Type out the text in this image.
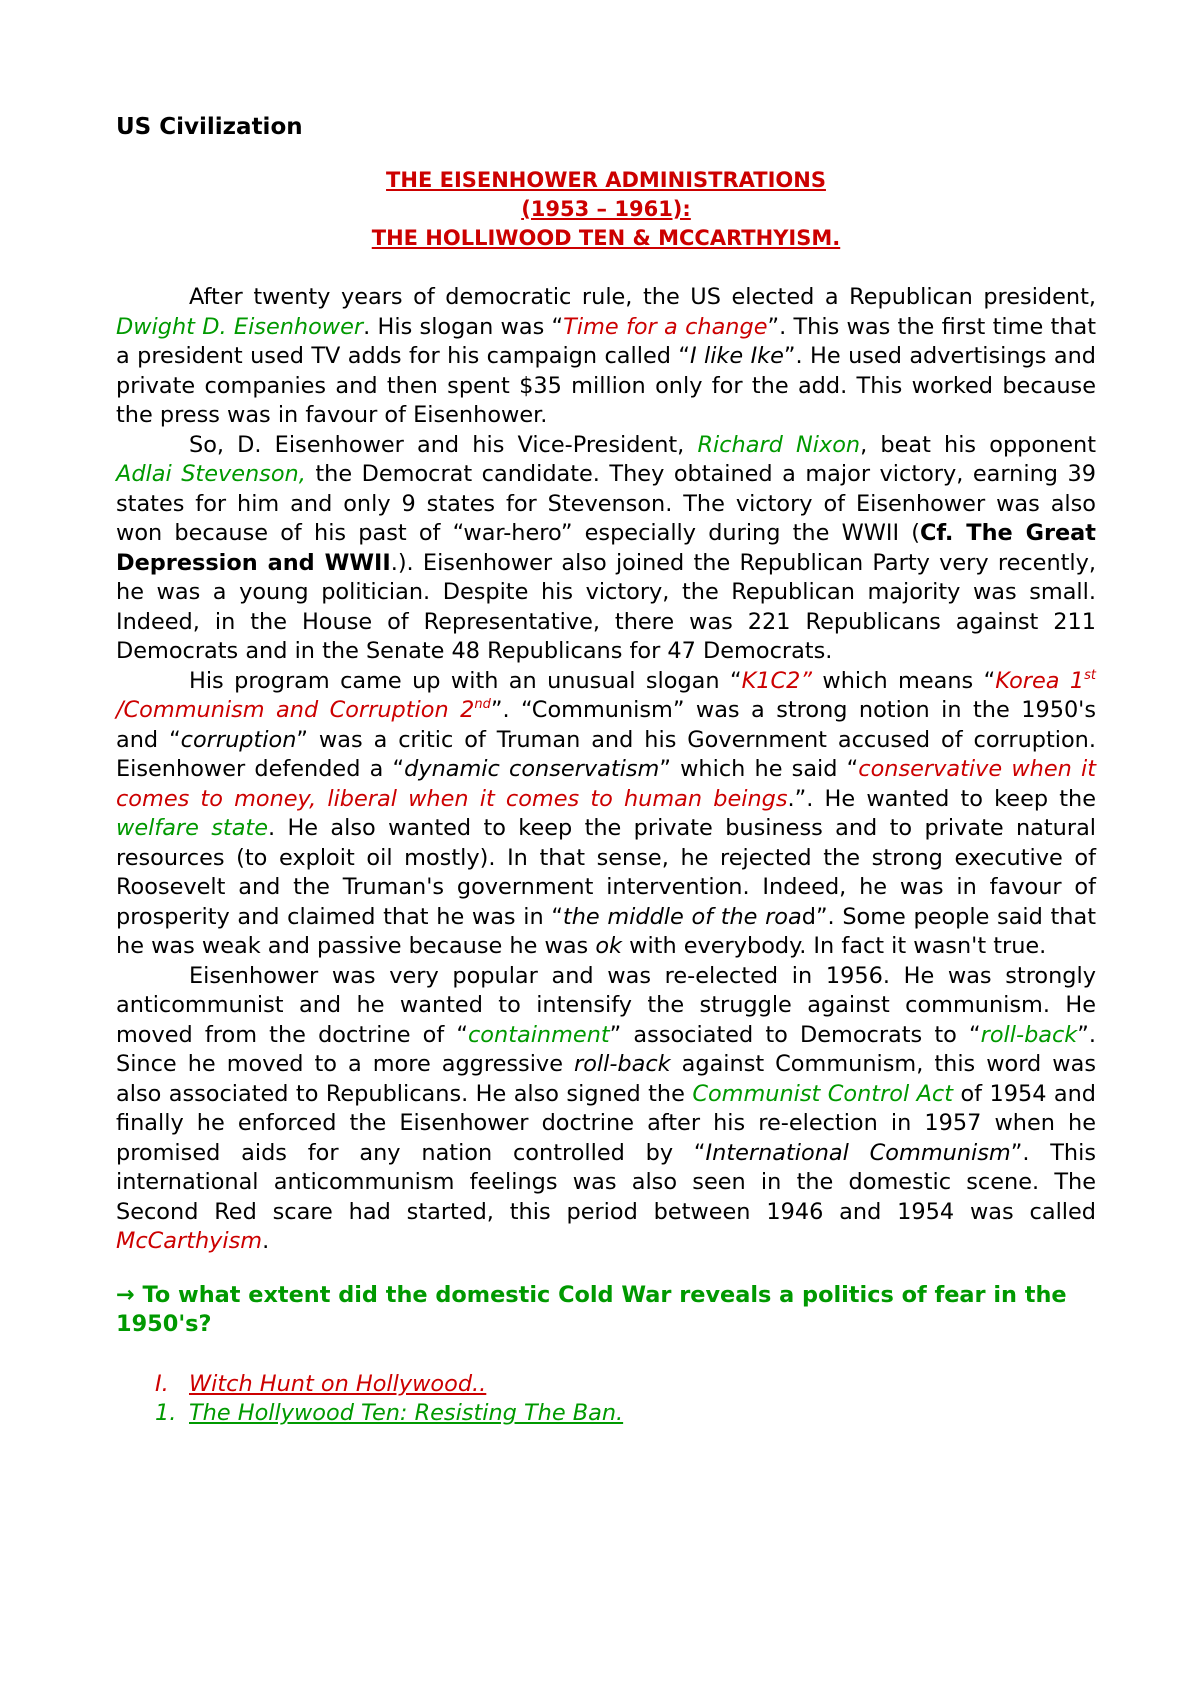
US Civilization
THE EISENHOWER ADMINISTRATIONS
(1953 – 1961):
THE HOLLIWOOD TEN & MCCARTHYISM.

After twenty years of democratic rule, the US elected a Republican president, Dwight D. Eisenhower. His slogan was “Time for a change”. This was the first time that a president used TV adds for his campaign called “I like Ike”. He used advertisings and private companies and then spent $35 million only for the add. This worked because the press was in favour of Eisenhower.

So, D. Eisenhower and his Vice-President, Richard Nixon, beat his opponent Adlai Stevenson, the Democrat candidate. They obtained a major victory, earning 39 states for him and only 9 states for Stevenson. The victory of Eisenhower was also won because of his past of “war-hero” especially during the WWII (Cf. The Great Depression and WWII.). Eisenhower also joined the Republican Party very recently, he was a young politician. Despite his victory, the Republican majority was small. Indeed, in the House of Representative, there was 221 Republicans against 211 Democrats and in the Senate 48 Republicans for 47 Democrats.

His program came up with an unusual slogan “K1C2” which means “Korea 1st /Communism and Corruption 2nd”. “Communism” was a strong notion in the 1950's and “corruption” was a critic of Truman and his Government accused of corruption. Eisenhower defended a “dynamic conservatism” which he said “conservative when it comes to money, liberal when it comes to human beings.”. He wanted to keep the welfare state. He also wanted to keep the private business and to private natural resources (to exploit oil mostly). In that sense, he rejected the strong executive of Roosevelt and the Truman's government intervention. Indeed, he was in favour of prosperity and claimed that he was in “the middle of the road”. Some people said that he was weak and passive because he was ok with everybody. In fact it wasn't true.

Eisenhower was very popular and was re-elected in 1956. He was strongly anticommunist and he wanted to intensify the struggle against communism. He moved from the doctrine of “containment” associated to Democrats to “roll-back”. Since he moved to a more aggressive roll-back against Communism, this word was also associated to Republicans. He also signed the Communist Control Act of 1954 and finally he enforced the Eisenhower doctrine after his re-election in 1957 when he promised aids for any nation controlled by “International Communism”. This international anticommunism feelings was also seen in the domestic scene. The Second Red scare had started, this period between 1946 and 1954 was called McCarthyism.

→ To what extent did the domestic Cold War reveals a politics of fear in the 1950's?
I. Witch Hunt on Hollywood..
1. The Hollywood Ten: Resisting The Ban.
